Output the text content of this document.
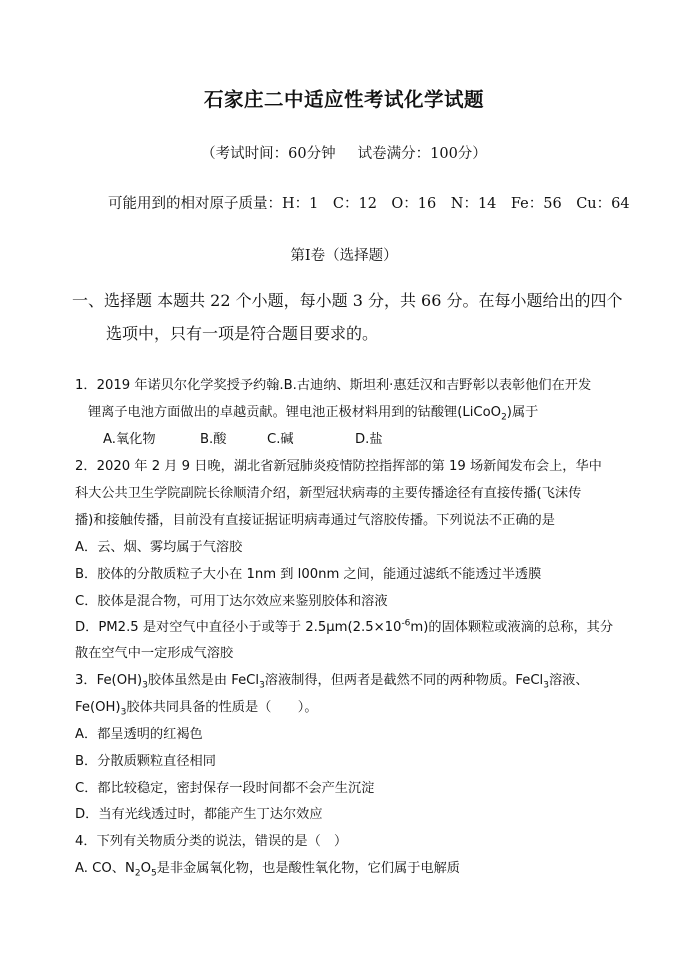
石家庄二中适应性考试化学试题
（考试时间：60分钟 试卷满分：100分）
可能用到的相对原子质量：H：1　C：12　O：16　N：14　Fe：56　Cu：64
第Ⅰ卷（选择题）
一、选择题 本题共 22 个小题，每小题 3 分，共 66 分。在每小题给出的四个
选项中，只有一项是符合题目要求的。
1．2019 年诺贝尔化学奖授予约翰.B.古迪纳、斯坦利·惠廷汉和吉野彰以表彰他们在开发
锂离子电池方面做出的卓越贡献。锂电池正极材料用到的钴酸锂(LiCoO$_2$)属于
A.氧化物	B.酸	C.碱	D.盐
2．2020 年 2 月 9 日晚，湖北省新冠肺炎疫情防控指挥部的第 19 场新闻发布会上，华中
科大公共卫生学院副院长徐顺清介绍，新型冠状病毒的主要传播途径有直接传播(飞沫传
播)和接触传播，目前没有直接证据证明病毒通过气溶胶传播。下列说法不正确的是
A．云、烟、雾均属于气溶胶
B．胶体的分散质粒子大小在 1nm 到 l00nm 之间，能通过滤纸不能透过半透膜
C．胶体是混合物，可用丁达尔效应来鉴别胶体和溶液
D．PM2.5 是对空气中直径小于或等于 $2.5\mu m(2.5\times 10^{-6}m)$的固体颗粒或液滴的总称，其分
散在空气中一定形成气溶胶
3．$Fe(OH)_3$胶体虽然是由 FeCl$_3$溶液制得，但两者是截然不同的两种物质。FeCl$_3$溶液、
$Fe(OH)_3$胶体共同具备的性质是（　　）。
A．都呈透明的红褐色
B．分散质颗粒直径相同
C．都比较稳定，密封保存一段时间都不会产生沉淀
D．当有光线透过时，都能产生丁达尔效应
4．下列有关物质分类的说法，错误的是（　）
A. CO、$N_2O_5$是非金属氧化物，也是酸性氧化物，它们属于电解质
